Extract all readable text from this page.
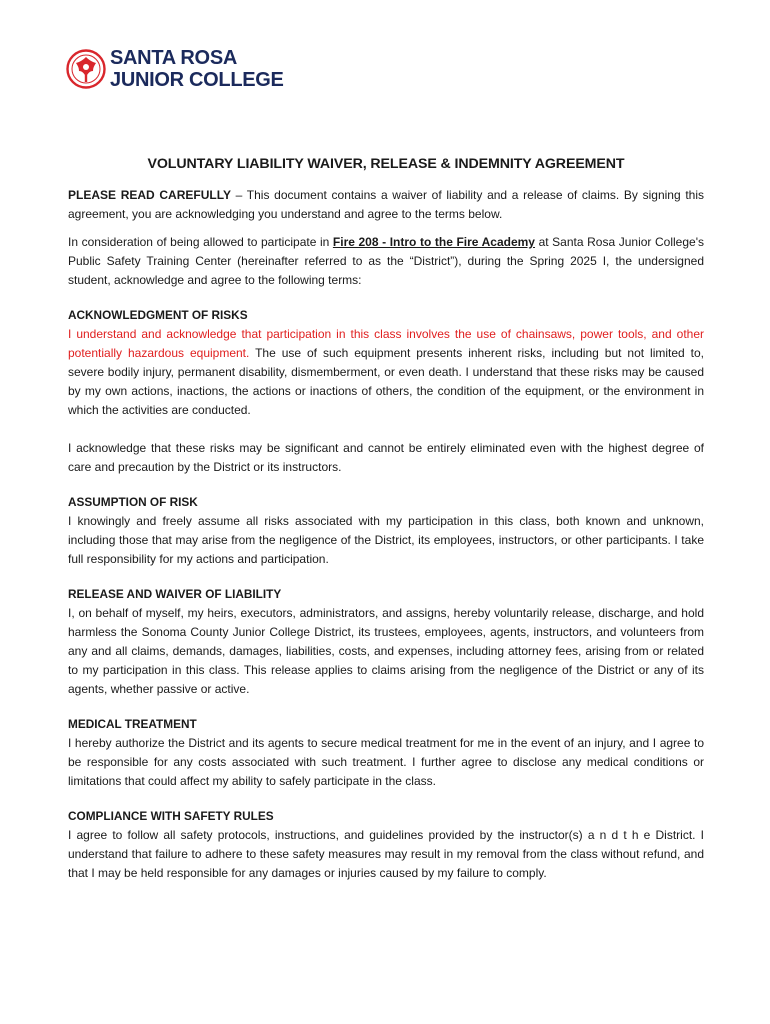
SANTA ROSA
JUNIOR COLLEGE
VOLUNTARY LIABILITY WAIVER, RELEASE & INDEMNITY AGREEMENT

PLEASE READ CAREFULLY – This document contains a waiver of liability and a release of claims. By signing this agreement, you are acknowledging you understand and agree to the terms below.

In consideration of being allowed to participate in Fire 208 - Intro to the Fire Academy at Santa Rosa Junior College's Public Safety Training Center (hereinafter referred to as the “District”), during the Spring 2025 I, the undersigned student, acknowledge and agree to the following terms:

ACKNOWLEDGMENT OF RISKS

I understand and acknowledge that participation in this class involves the use of chainsaws, power tools, and other potentially hazardous equipment. The use of such equipment presents inherent risks, including but not limited to, severe bodily injury, permanent disability, dismemberment, or even death. I understand that these risks may be caused by my own actions, inactions, the actions or inactions of others, the condition of the equipment, or the environment in which the activities are conducted.

I acknowledge that these risks may be significant and cannot be entirely eliminated even with the highest degree of care and precaution by the District or its instructors.

ASSUMPTION OF RISK

I knowingly and freely assume all risks associated with my participation in this class, both known and unknown, including those that may arise from the negligence of the District, its employees, instructors, or other participants. I take full responsibility for my actions and participation.

RELEASE AND WAIVER OF LIABILITY

I, on behalf of myself, my heirs, executors, administrators, and assigns, hereby voluntarily release, discharge, and hold harmless the Sonoma County Junior College District, its trustees, employees, agents, instructors, and volunteers from any and all claims, demands, damages, liabilities, costs, and expenses, including attorney fees, arising from or related to my participation in this class. This release applies to claims arising from the negligence of the District or any of its agents, whether passive or active.

MEDICAL TREATMENT

I hereby authorize the District and its agents to secure medical treatment for me in the event of an injury, and I agree to be responsible for any costs associated with such treatment. I further agree to disclose any medical conditions or limitations that could affect my ability to safely participate in the class.

COMPLIANCE WITH SAFETY RULES

I agree to follow all safety protocols, instructions, and guidelines provided by the instructor(s) a n d t h e District. I understand that failure to adhere to these safety measures may result in my removal from the class without refund, and that I may be held responsible for any damages or injuries caused by my failure to comply.
